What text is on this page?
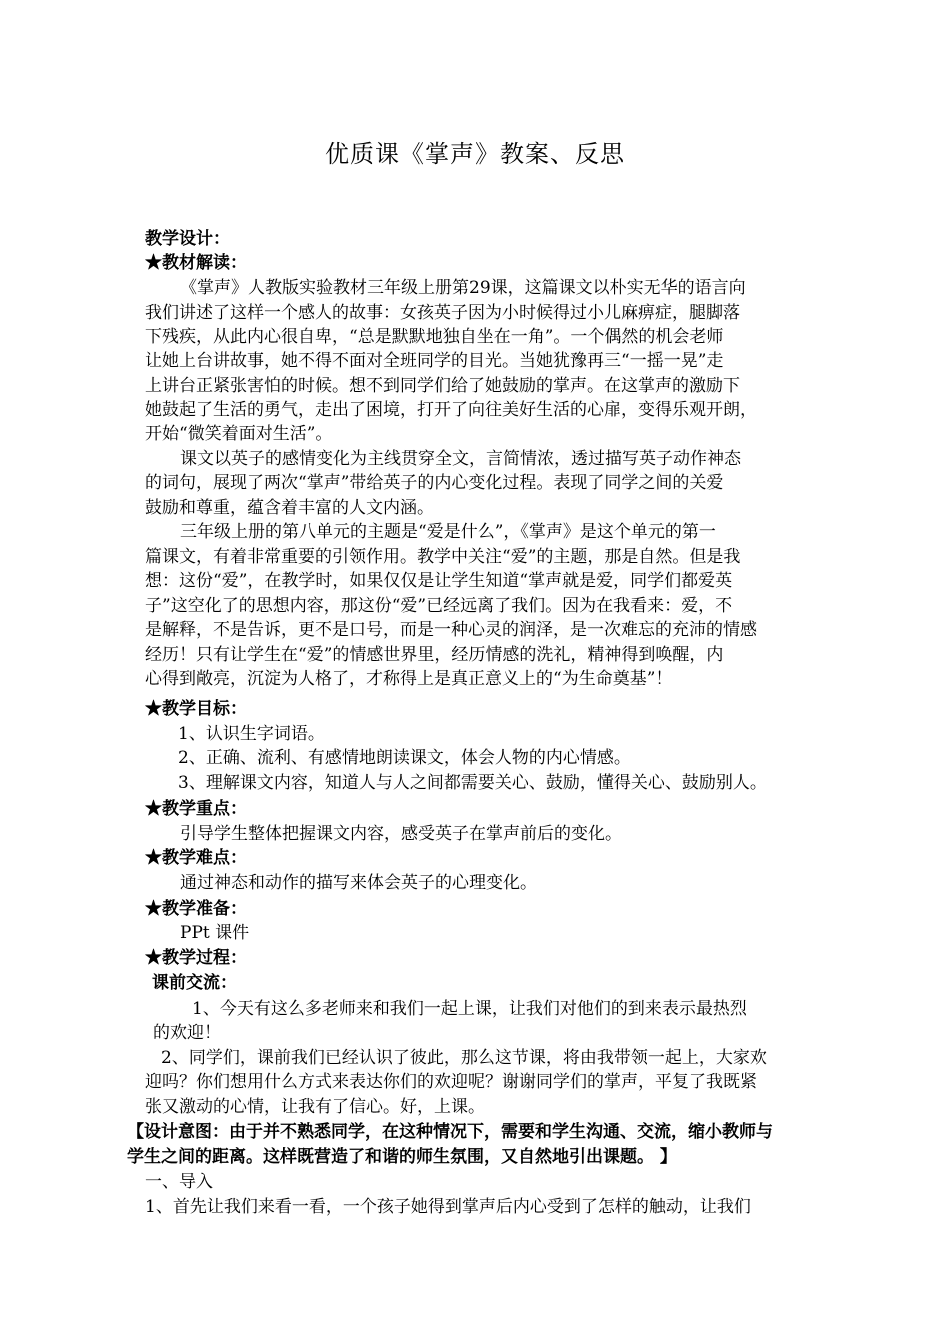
优质课《掌声》教案、反思
教学设计：
★教材解读：
《掌声》人教版实验教材三年级上册第29课，这篇课文以朴实无华的语言向
我们讲述了这样一个感人的故事：女孩英子因为小时候得过小儿麻痹症，腿脚落
下残疾，从此内心很自卑，“总是默默地独自坐在一角”。一个偶然的机会老师
让她上台讲故事，她不得不面对全班同学的目光。当她犹豫再三“一摇一晃”走
上讲台正紧张害怕的时候。想不到同学们给了她鼓励的掌声。在这掌声的激励下
她鼓起了生活的勇气，走出了困境，打开了向往美好生活的心扉，变得乐观开朗，
开始“微笑着面对生活”。
课文以英子的感情变化为主线贯穿全文，言简情浓，透过描写英子动作神态
的词句，展现了两次“掌声”带给英子的内心变化过程。表现了同学之间的关爱
鼓励和尊重，蕴含着丰富的人文内涵。
三年级上册的第八单元的主题是“爱是什么”，《掌声》是这个单元的第一
篇课文，有着非常重要的引领作用。教学中关注“爱”的主题，那是自然。但是我
想：这份“爱”，在教学时，如果仅仅是让学生知道“掌声就是爱，同学们都爱英
子”这空化了的思想内容，那这份“爱”已经远离了我们。因为在我看来：爱，不
是解释，不是告诉，更不是口号，而是一种心灵的润泽，是一次难忘的充沛的情感
经历！只有让学生在“爱”的情感世界里，经历情感的洗礼，精神得到唤醒，内
心得到敞亮，沉淀为人格了，才称得上是真正意义上的“为生命奠基”！
★教学目标：
1、认识生字词语。
2、正确、流利、有感情地朗读课文，体会人物的内心情感。
3、理解课文内容，知道人与人之间都需要关心、鼓励，懂得关心、鼓励别人。
★教学重点：
引导学生整体把握课文内容，感受英子在掌声前后的变化。
★教学难点：
通过神态和动作的描写来体会英子的心理变化。
★教学准备：
PPt 课件
★教学过程：
课前交流：
1、今天有这么多老师来和我们一起上课，让我们对他们的到来表示最热烈
的欢迎！
2、同学们，课前我们已经认识了彼此，那么这节课，将由我带领一起上，大家欢
迎吗？你们想用什么方式来表达你们的欢迎呢？谢谢同学们的掌声，平复了我既紧
张又激动的心情，让我有了信心。好，上课。
【设计意图：由于并不熟悉同学，在这种情况下，需要和学生沟通、交流，缩小教师与
学生之间的距离。这样既营造了和谐的师生氛围，又自然地引出课题。 】
一、导入
1、首先让我们来看一看，一个孩子她得到掌声后内心受到了怎样的触动，让我们
